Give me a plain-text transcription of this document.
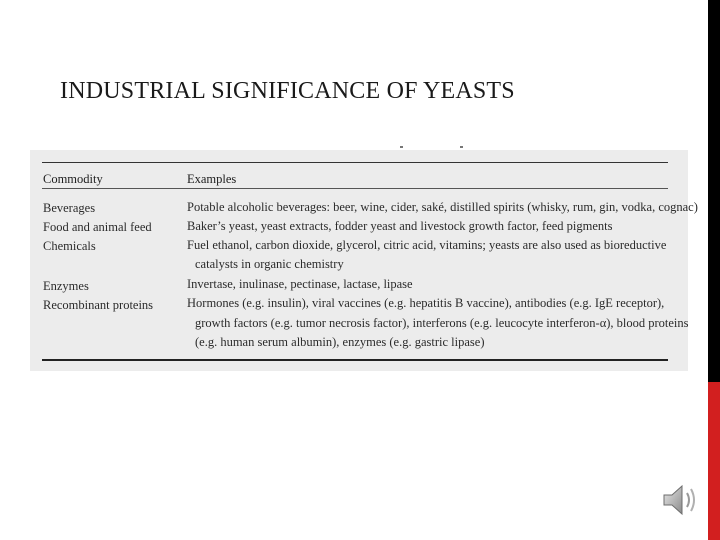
INDUSTRIAL SIGNIFICANCE OF YEASTS
Commodity	Examples
Beverages	Potable alcoholic beverages: beer, wine, cider, saké, distilled spirits (whisky, rum, gin, vodka, cognac)
Food and animal feed	Baker’s yeast, yeast extracts, fodder yeast and livestock growth factor, feed pigments
Chemicals	Fuel ethanol, carbon dioxide, glycerol, citric acid, vitamins; yeasts are also used as bioreductive
catalysts in organic chemistry
Enzymes	Invertase, inulinase, pectinase, lactase, lipase
Recombinant proteins	Hormones (e.g. insulin), viral vaccines (e.g. hepatitis B vaccine), antibodies (e.g. IgE receptor),
growth factors (e.g. tumor necrosis factor), interferons (e.g. leucocyte interferon-α), blood proteins
(e.g. human serum albumin), enzymes (e.g. gastric lipase)
